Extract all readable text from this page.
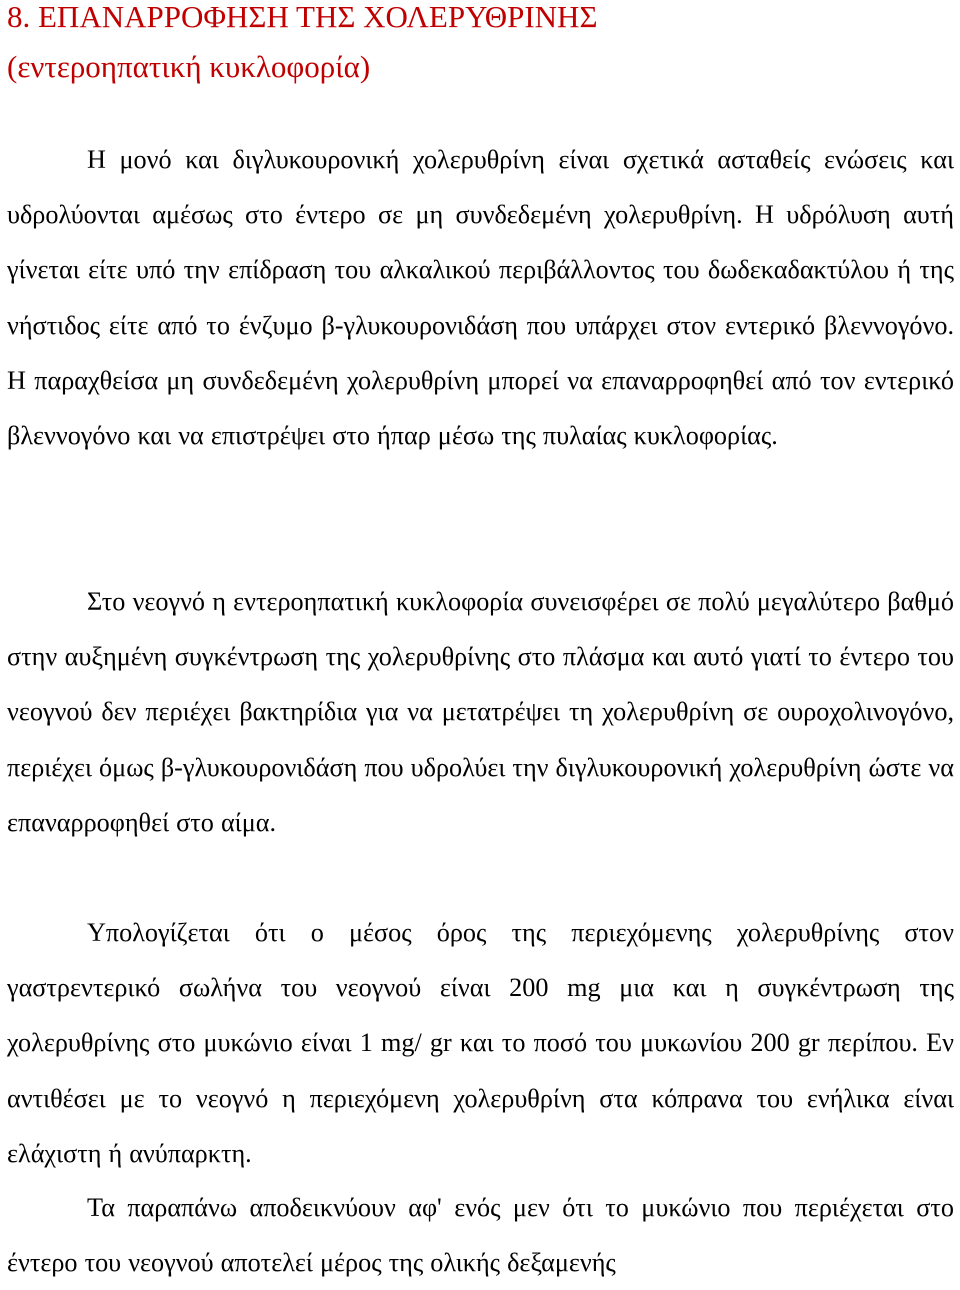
8. ΕΠΑΝΑΡΡΟΦΗΣΗ ΤΗΣ ΧΟΛΕΡΥΘΡΙΝΗΣ
(εντεροηπατική κυκλοφορία)

Η μονό και διγλυκουρονική χολερυθρίνη είναι σχετικά ασταθείς ενώσεις και υδρολύονται αμέσως στο έντερο σε μη συνδεδεμένη χολερυθρίνη. Η υδρόλυση αυτή γίνεται είτε υπό την επίδραση του αλκαλικού περιβάλλοντος του δωδεκαδακτύλου ή της νήστιδος είτε από το ένζυμο β-γλυκουρονιδάση που υπάρχει στον εντερικό βλεννογόνο. Η παραχθείσα μη συνδεδεμένη χολερυθρίνη μπορεί να επαναρροφηθεί από τον εντερικό βλεννογόνο και να επιστρέψει στο ήπαρ μέσω της πυλαίας κυκλοφορίας.

Στο νεογνό η εντεροηπατική κυκλοφορία συνεισφέρει σε πολύ μεγαλύτερο βαθμό στην αυξημένη συγκέντρωση της χολερυθρίνης στο πλάσμα και αυτό γιατί το έντερο του νεογνού δεν περιέχει βακτηρίδια για να μετατρέψει τη χολερυθρίνη σε ουροχολινογόνο, περιέχει όμως β-γλυκουρονιδάση που υδρολύει την διγλυκουρονική χολερυθρίνη ώστε να επαναρροφηθεί στο αίμα.

Υπολογίζεται ότι ο μέσος όρος της περιεχόμενης χολερυθρίνης στον γαστρεντερικό σωλήνα του νεογνού είναι 200 mg μια και η συγκέντρωση της χολερυθρίνης στο μυκώνιο είναι 1 mg/ gr και το ποσό του μυκωνίου 200 gr περίπου. Εν αντιθέσει με το νεογνό η περιεχόμενη χολερυθρίνη στα κόπρανα του ενήλικα είναι ελάχιστη ή ανύπαρκτη.

Τα παραπάνω αποδεικνύουν αφ' ενός μεν ότι το μυκώνιο που περιέχεται στο έντερο του νεογνού αποτελεί μέρος της ολικής δεξαμενής
